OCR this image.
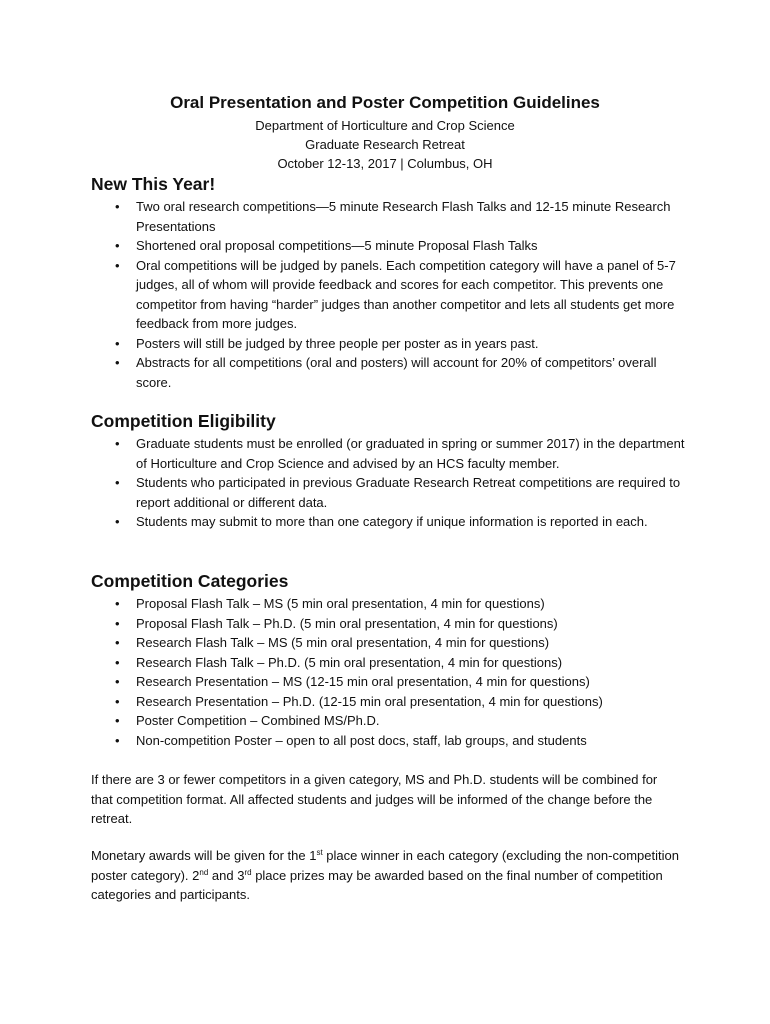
Oral Presentation and Poster Competition Guidelines
Department of Horticulture and Crop Science
Graduate Research Retreat
October 12-13, 2017 | Columbus, OH
New This Year!
• Two oral research competitions—5 minute Research Flash Talks and 12-15 minute Research Presentations
• Shortened oral proposal competitions—5 minute Proposal Flash Talks
• Oral competitions will be judged by panels. Each competition category will have a panel of 5-7 judges, all of whom will provide feedback and scores for each competitor. This prevents one competitor from having “harder” judges than another competitor and lets all students get more feedback from more judges.
• Posters will still be judged by three people per poster as in years past.
• Abstracts for all competitions (oral and posters) will account for 20% of competitors’ overall score.
Competition Eligibility
• Graduate students must be enrolled (or graduated in spring or summer 2017) in the department of Horticulture and Crop Science and advised by an HCS faculty member.
• Students who participated in previous Graduate Research Retreat competitions are required to report additional or different data.
• Students may submit to more than one category if unique information is reported in each.
Competition Categories
• Proposal Flash Talk – MS (5 min oral presentation, 4 min for questions)
• Proposal Flash Talk – Ph.D. (5 min oral presentation, 4 min for questions)
• Research Flash Talk – MS (5 min oral presentation, 4 min for questions)
• Research Flash Talk – Ph.D. (5 min oral presentation, 4 min for questions)
• Research Presentation – MS (12-15 min oral presentation, 4 min for questions)
• Research Presentation – Ph.D. (12-15 min oral presentation, 4 min for questions)
• Poster Competition – Combined MS/Ph.D.
• Non-competition Poster – open to all post docs, staff, lab groups, and students

If there are 3 or fewer competitors in a given category, MS and Ph.D. students will be combined for that competition format. All affected students and judges will be informed of the change before the retreat.

Monetary awards will be given for the 1st place winner in each category (excluding the non-competition poster category). 2nd and 3rd place prizes may be awarded based on the final number of competition categories and participants.
